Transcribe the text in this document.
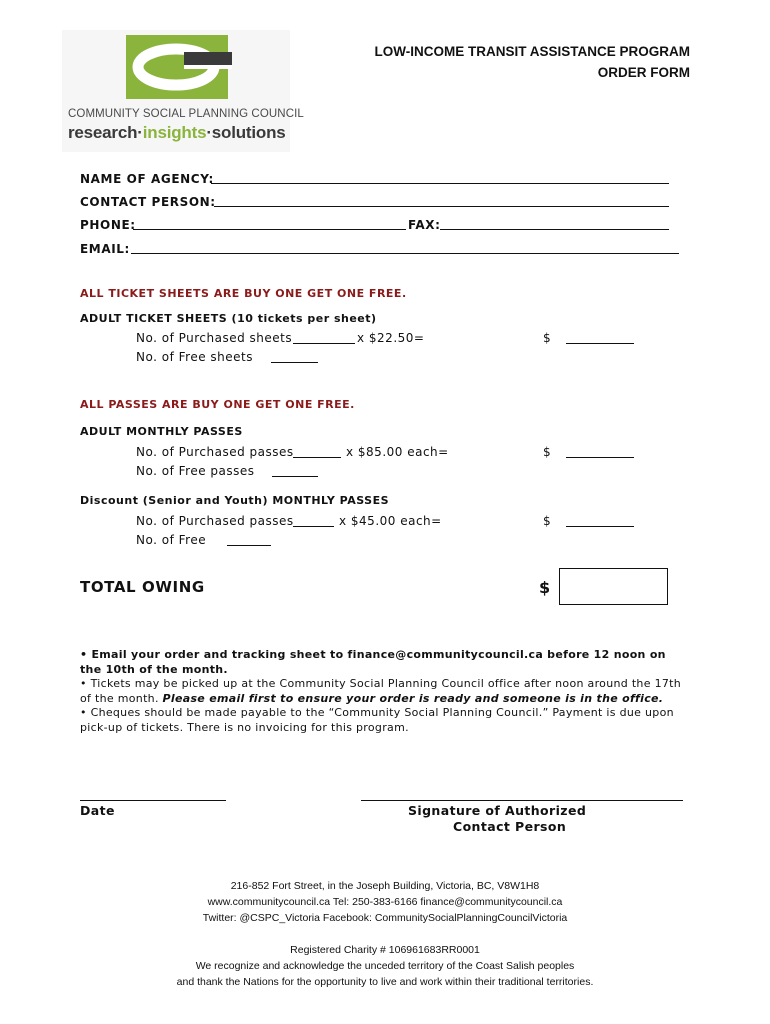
COMMUNITY SOCIAL PLANNING COUNCIL
research·insights·solutions
LOW-INCOME TRANSIT ASSISTANCE PROGRAM
ORDER FORM
NAME OF AGENCY:
CONTACT PERSON:
PHONE:	FAX:
EMAIL:
ALL TICKET SHEETS ARE BUY ONE GET ONE FREE.
ADULT TICKET SHEETS (10 tickets per sheet)
No. of Purchased sheets	x $22.50=	$
No. of Free sheets
ALL PASSES ARE BUY ONE GET ONE FREE.
ADULT MONTHLY PASSES
No. of Purchased passes	x $85.00 each=	$
No. of Free passes
Discount (Senior and Youth) MONTHLY PASSES
No. of Purchased passes	x $45.00 each=	$
No. of Free
TOTAL OWING	$

• Email your order and tracking sheet to finance@communitycouncil.ca before 12 noon on the 10th of the month.

• Tickets may be picked up at the Community Social Planning Council office after noon around the 17th of the month. Please email first to ensure your order is ready and someone is in the office.

• Cheques should be made payable to the “Community Social Planning Council.” Payment is due upon pick-up of tickets. There is no invoicing for this program.

Date	Signature of Authorized
Contact Person
216-852 Fort Street, in the Joseph Building, Victoria, BC, V8W1H8
www.communitycouncil.ca Tel: 250-383-6166 finance@communitycouncil.ca
Twitter: @CSPC_Victoria Facebook: CommunitySocialPlanningCouncilVictoria
Registered Charity # 106961683RR0001
We recognize and acknowledge the unceded territory of the Coast Salish peoples
and thank the Nations for the opportunity to live and work within their traditional territories.
